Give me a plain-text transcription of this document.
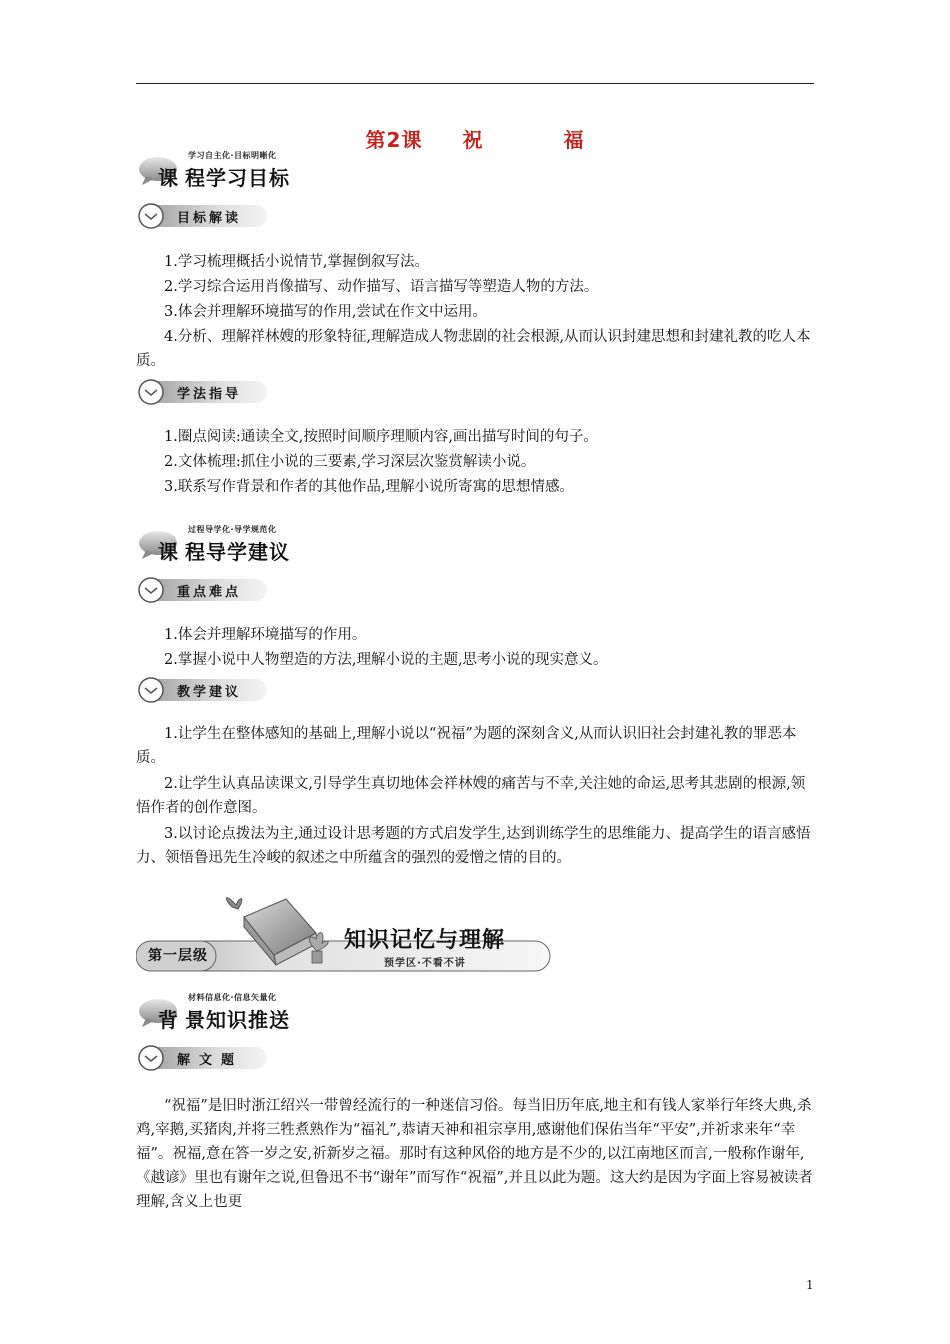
第2课 祝	福
学习自主化·目标明晰化
课 程学习目标
目标解读
1.学习梳理概括小说情节,掌握倒叙写法。
2.学习综合运用肖像描写、动作描写、语言描写等塑造人物的方法。
3.体会并理解环境描写的作用,尝试在作文中运用。
4.分析、理解祥林嫂的形象特征,理解造成人物悲剧的社会根源,从而认识封建思想和封建礼教的吃人本质。
学法指导
1.圈点阅读:通读全文,按照时间顺序理顺内容,画出描写时间的句子。
2.文体梳理:抓住小说的三要素,学习深层次鉴赏解读小说。
3.联系写作背景和作者的其他作品,理解小说所寄寓的思想情感。
过程导学化·导学规范化
课 程导学建议
重点难点
1.体会并理解环境描写的作用。
2.掌握小说中人物塑造的方法,理解小说的主题,思考小说的现实意义。
教学建议
1.让学生在整体感知的基础上,理解小说以“祝福”为题的深刻含义,从而认识旧社会封建礼教的罪恶本质。
2.让学生认真品读课文,引导学生真切地体会祥林嫂的痛苦与不幸,关注她的命运,思考其悲剧的根源,领悟作者的创作意图。
3.以讨论点拨法为主,通过设计思考题的方式启发学生,达到训练学生的思维能力、提高学生的语言感悟力、领悟鲁迅先生冷峻的叙述之中所蕴含的强烈的爱憎之情的目的。
第一层级
知识记忆与理解
预学区·不看不讲
材料信息化·信息矢量化
背 景知识推送
解文题
“祝福”是旧时浙江绍兴一带曾经流行的一种迷信习俗。每当旧历年底,地主和有钱人家举行年终大典,杀鸡,宰鹅,买猪肉,并将三牲煮熟作为“福礼”,恭请天神和祖宗享用,感谢他们保佑当年“平安”,并祈求来年“幸福”。祝福,意在答一岁之安,祈新岁之福。那时有这种风俗的地方是不少的,以江南地区而言,一般称作谢年,《越谚》里也有谢年之说,但鲁迅不书“谢年”而写作“祝福”,并且以此为题。这大约是因为字面上容易被读者理解,含义上也更
1
